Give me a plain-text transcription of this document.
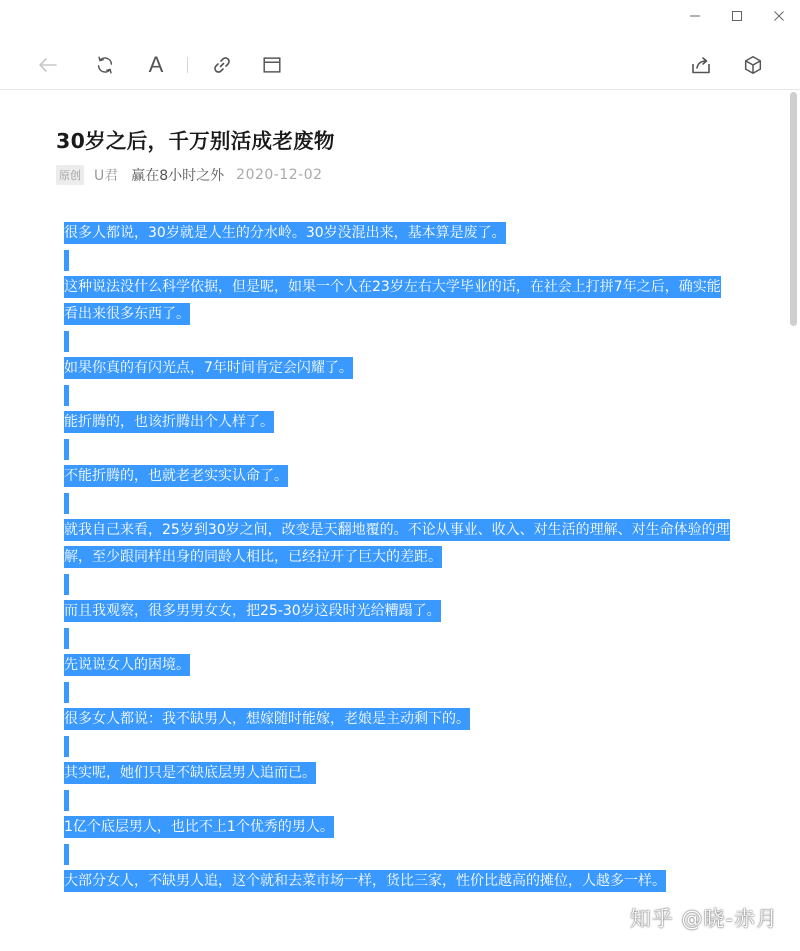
A
30岁之后，千万别活成老废物
原创 U君 赢在8小时之外 2020-12-02

很多人都说，30岁就是人生的分水岭。30岁没混出来，基本算是废了。

这种说法没什么科学依据，但是呢，如果一个人在23岁左右大学毕业的话，在社会上打拼7年之后，确实能看出来很多东西了。

如果你真的有闪光点，7年时间肯定会闪耀了。

能折腾的，也该折腾出个人样了。

不能折腾的，也就老老实实认命了。

就我自己来看，25岁到30岁之间，改变是天翻地覆的。不论从事业、收入、对生活的理解、对生命体验的理解，至少跟同样出身的同龄人相比，已经拉开了巨大的差距。

而且我观察，很多男男女女，把25-30岁这段时光给糟蹋了。

先说说女人的困境。

很多女人都说：我不缺男人，想嫁随时能嫁，老娘是主动剩下的。

其实呢，她们只是不缺底层男人追而已。

1亿个底层男人，也比不上1个优秀的男人。

大部分女人，不缺男人追，这个就和去菜市场一样，货比三家，性价比越高的摊位，人越多一样。

知乎 @晓-赤月
